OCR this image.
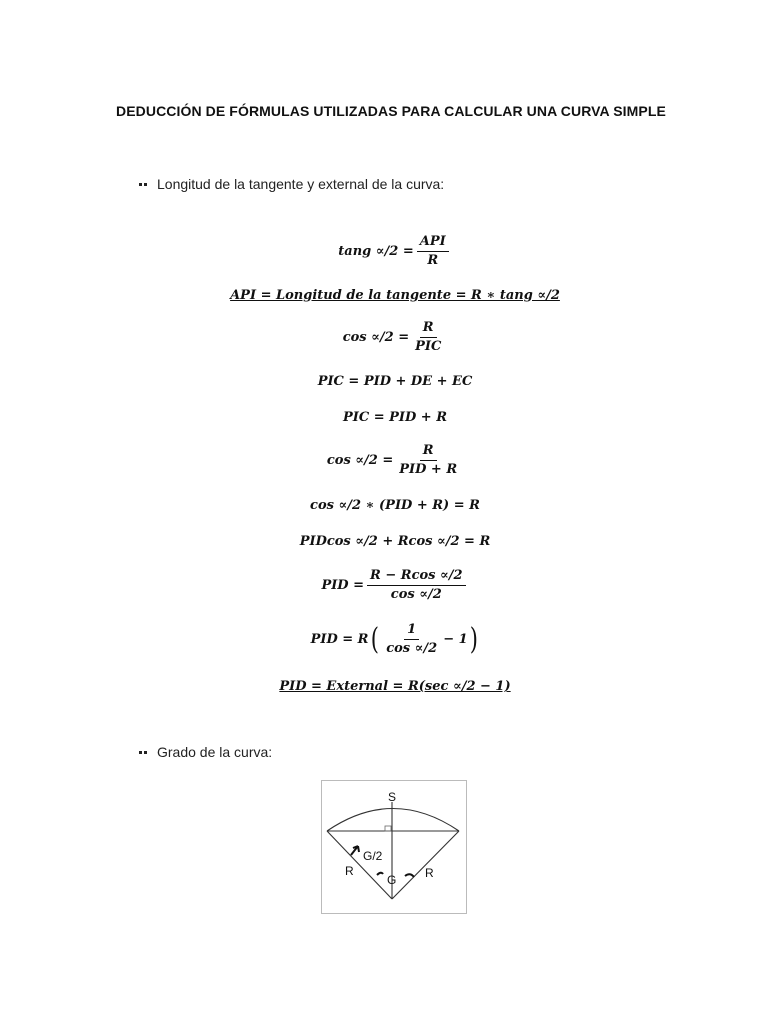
DEDUCCIÓN DE FÓRMULAS UTILIZADAS PARA CALCULAR UNA CURVA SIMPLE
Longitud de la tangente y external de la curva:
$\tan g \propto/2 = \frac{\text{API}}{R}$
API = Longitud de la tangente = R ∗ tang ∝/2
$\cos \propto/2 = \frac{R}{\text{PIC}}$
PIC = PID + DE + EC
PIC = PID + R
$\cos \propto/2 = \frac{R}{\text{PID + R}}$
cos ∝/2 ∗ (PID + R) = R
PIDcos ∝/2 + Rcos ∝/2 = R
PID = $\frac{R - Rcos \propto/2}{\cos \propto/2}$
PID = R ( $\frac{1}{\cos \propto/2} - 1$ )
PID = External = R(sec ∝/2 − 1)
Grado de la curva:
S
G/2
G
R	R
